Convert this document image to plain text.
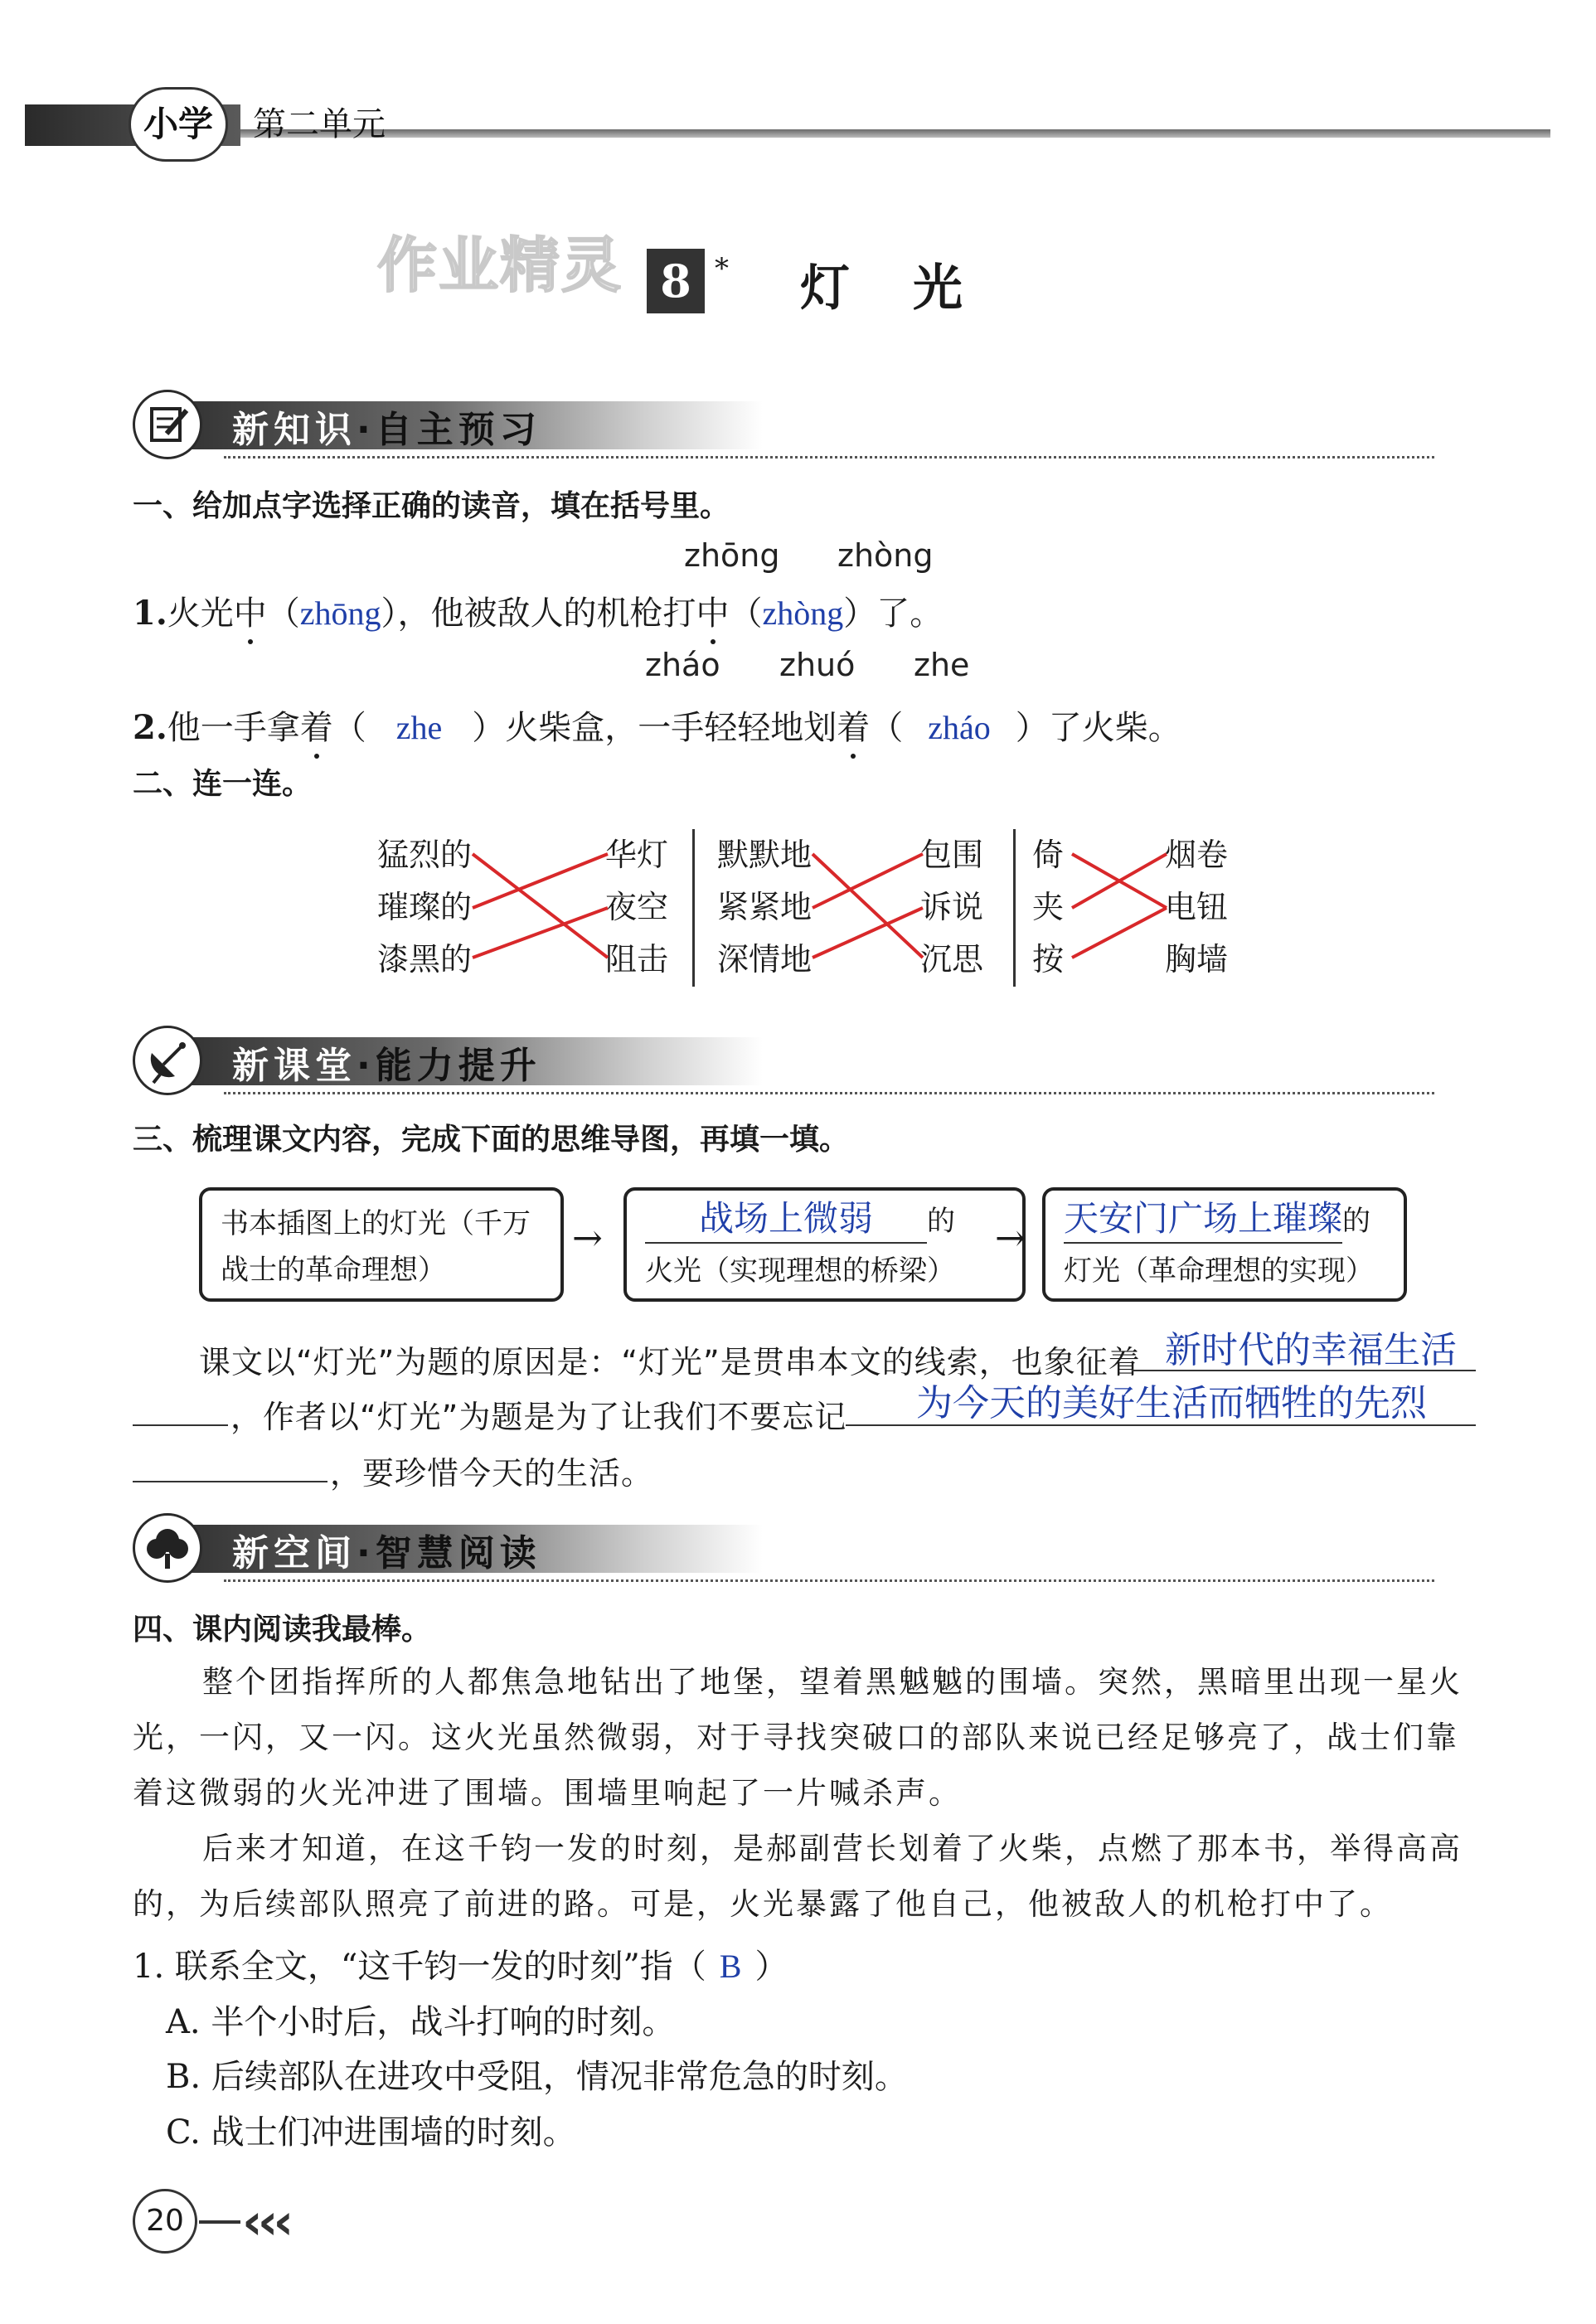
小学	第二单元
作业精灵 8 * 灯　光
新知识·自主预习
一、给加点字选择正确的读音，填在括号里。
zhōng zhòng
1.火光中（zhōng），他被敌人的机枪打中（zhòng）了。
zháo zhuó zhe
2.他一手拿着（ zhe ）火柴盒，一手轻轻地划着（ zháo ）了火柴。
二、连一连。
猛烈的
璀璨的
漆黑的
华灯
夜空
阻击
默默地
紧紧地
深情地
包围
诉说
沉思
倚
夹
按
烟卷
电钮
胸墙
新课堂·能力提升
三、梳理课文内容，完成下面的思维导图，再填一填。
书本插图上的灯光（千万战士的革命理想）
→	战场上微弱 的
火光（实现理想的桥梁）
→ 天安门广场上璀璨的
灯光（革命理想的实现）
课文以“灯光”为题的原因是：“灯光”是贯串本文的线索，也象征着 新时代的幸福生活
，作者以“灯光”为题是为了让我们不要忘记 为今天的美好生活而牺牲的先烈
，要珍惜今天的生活。
新空间·智慧阅读
四、课内阅读我最棒。
整个团指挥所的人都焦急地钻出了地堡，望着黑魆魆的围墙。突然，黑暗里出现一星火光，一闪，又一闪。这火光虽然微弱，对于寻找突破口的部队来说已经足够亮了，战士们靠着这微弱的火光冲进了围墙。围墙里响起了一片喊杀声。
后来才知道，在这千钧一发的时刻，是郝副营长划着了火柴，点燃了那本书，举得高高的，为后续部队照亮了前进的路。可是，火光暴露了他自己，他被敌人的机枪打中了。
1. 联系全文，“这千钧一发的时刻”指（ B ）
A. 半个小时后，战斗打响的时刻。
B. 后续部队在进攻中受阻，情况非常危急的时刻。
C. 战士们冲进围墙的时刻。
20 ‹‹‹
